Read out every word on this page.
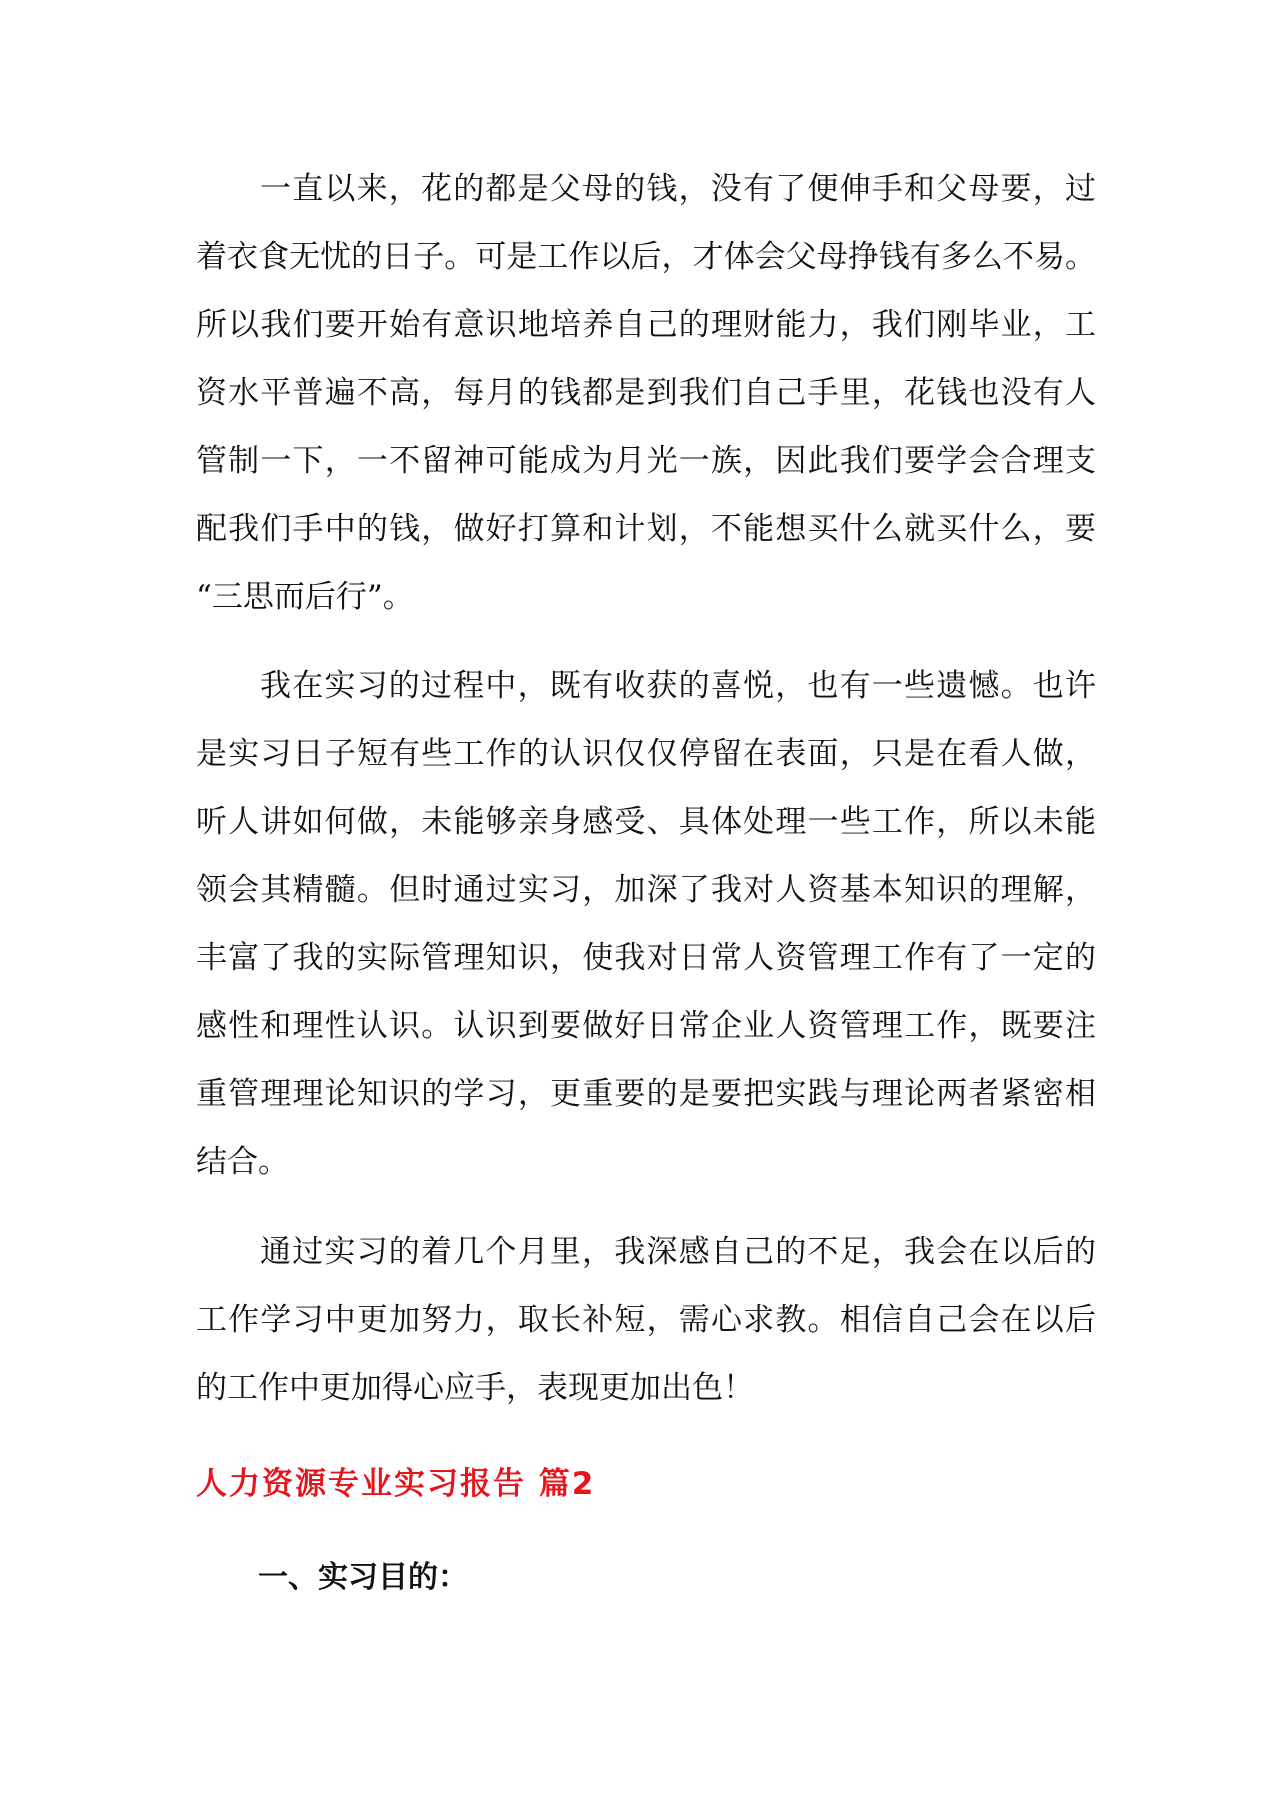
一直以来，花的都是父母的钱，没有了便伸手和父母要，过
着衣食无忧的日子。可是工作以后，才体会父母挣钱有多么不易。
所以我们要开始有意识地培养自己的理财能力，我们刚毕业，工
资水平普遍不高，每月的钱都是到我们自己手里，花钱也没有人
管制一下，一不留神可能成为月光一族，因此我们要学会合理支
配我们手中的钱，做好打算和计划，不能想买什么就买什么，要
“三思而后行”。
我在实习的过程中，既有收获的喜悦，也有一些遗憾。也许
是实习日子短有些工作的认识仅仅停留在表面，只是在看人做，
听人讲如何做，未能够亲身感受、具体处理一些工作，所以未能
领会其精髓。但时通过实习，加深了我对人资基本知识的理解，
丰富了我的实际管理知识，使我对日常人资管理工作有了一定的
感性和理性认识。认识到要做好日常企业人资管理工作，既要注
重管理理论知识的学习，更重要的是要把实践与理论两者紧密相
结合。
通过实习的着几个月里，我深感自己的不足，我会在以后的
工作学习中更加努力，取长补短，需心求教。相信自己会在以后
的工作中更加得心应手，表现更加出色！
人力资源专业实习报告 篇2
一、实习目的：
